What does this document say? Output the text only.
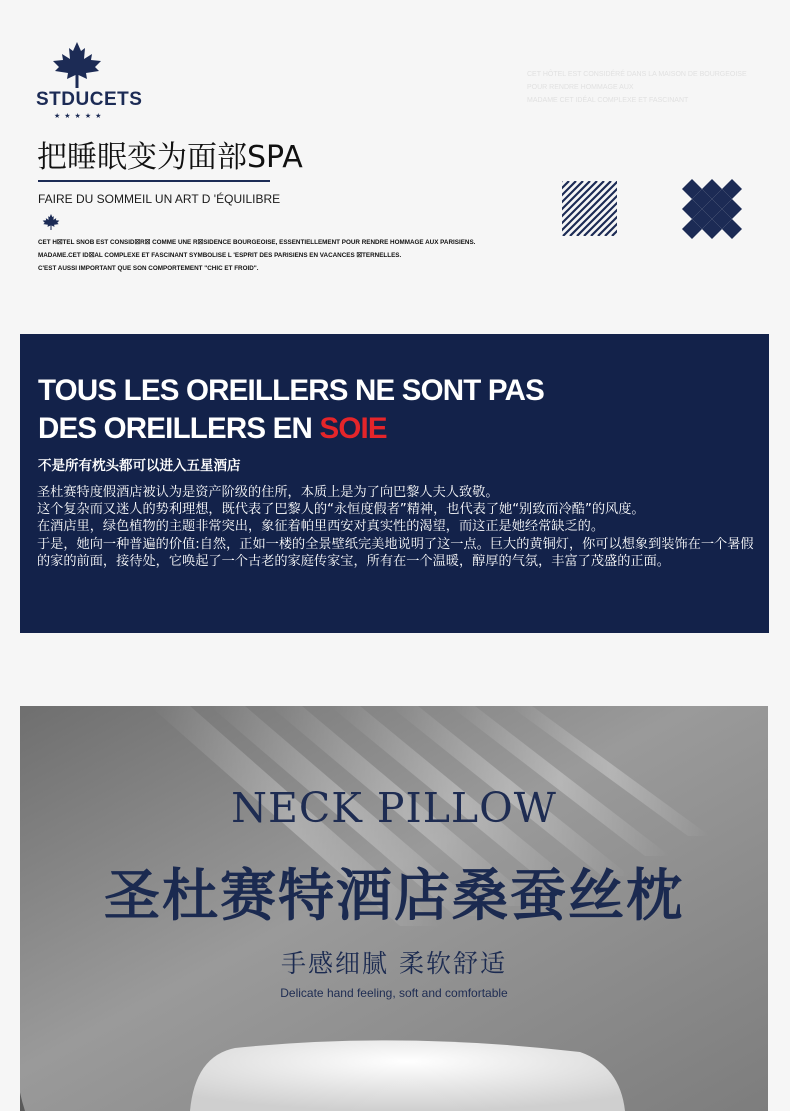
STDUCETS
★★★★★
把睡眠变为面部SPA
FAIRE DU SOMMEIL UN ART D 'ÉQUILIBRE
CET H☒TEL SNOB EST CONSID☒R☒ COMME UNE R☒SIDENCE BOURGEOISE, ESSENTIELLEMENT POUR RENDRE HOMMAGE AUX PARISIENS.
MADAME.CET ID☒AL COMPLEXE ET FASCINANT SYMBOLISE L 'ESPRIT DES PARISIENS EN VACANCES ☒TERNELLES.
C'EST AUSSI IMPORTANT QUE SON COMPORTEMENT "CHIC ET FROID".
CET HÔTEL EST CONSIDÉRÉ DANS LA MAISON DE BOURGEOISE
POUR RENDRE HOMMAGE AUX
MADAME CET IDÉAL COMPLEXE ET FASCINANT
TOUS LES OREILLERS NE SONT PAS
DES OREILLERS EN SOIE
不是所有枕头都可以进入五星酒店

圣杜赛特度假酒店被认为是资产阶级的住所，本质上是为了向巴黎人夫人致敬。

这个复杂而又迷人的势利理想，既代表了巴黎人的“永恒度假者”精神，也代表了她“别致而冷酷”的风度。

在酒店里，绿色植物的主题非常突出，象征着帕里西安对真实性的渴望，而这正是她经常缺乏的。

于是，她向一种普遍的价值:自然，正如一楼的全景壁纸完美地说明了这一点。巨大的黄铜灯，你可以想象到装饰在一个暑假的家的前面，接待处，它唤起了一个古老的家庭传家宝，所有在一个温暖，醇厚的气氛，丰富了茂盛的正面。

NECK PILLOW
圣杜赛特酒店桑蚕丝枕
手感细腻 柔软舒适
Delicate hand feeling, soft and comfortable
